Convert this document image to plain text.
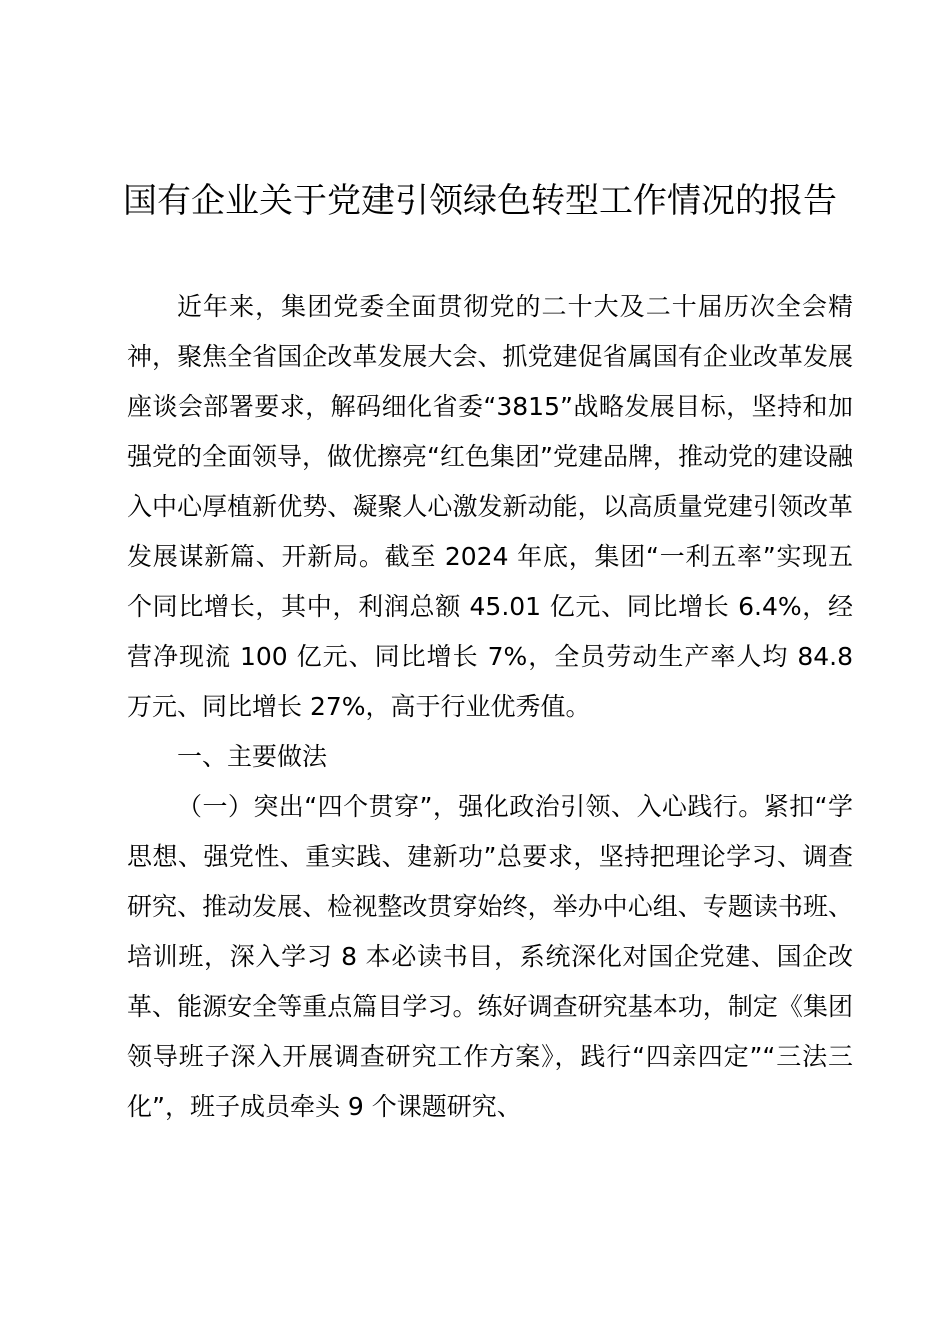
国有企业关于党建引领绿色转型工作情况的报告

近年来，集团党委全面贯彻党的二十大及二十届历次全会精神，聚焦全省国企改革发展大会、抓党建促省属国有企业改革发展座谈会部署要求，解码细化省委“3815”战略发展目标，坚持和加强党的全面领导，做优擦亮“红色集团”党建品牌，推动党的建设融入中心厚植新优势、凝聚人心激发新动能，以高质量党建引领改革发展谋新篇、开新局。截至 2024 年底，集团“一利五率”实现五个同比增长，其中，利润总额 45.01 亿元、同比增长 6.4%，经营净现流 100 亿元、同比增长 7%，全员劳动生产率人均 84.8 万元、同比增长 27%，高于行业优秀值。

一、主要做法

（一）突出“四个贯穿”，强化政治引领、入心践行。紧扣“学思想、强党性、重实践、建新功”总要求，坚持把理论学习、调查研究、推动发展、检视整改贯穿始终，举办中心组、专题读书班、培训班，深入学习 8 本必读书目，系统深化对国企党建、国企改革、能源安全等重点篇目学习。练好调查研究基本功，制定《集团领导班子深入开展调查研究工作方案》，践行“四亲四定”“三法三化”，班子成员牵头 9 个课题研究、
